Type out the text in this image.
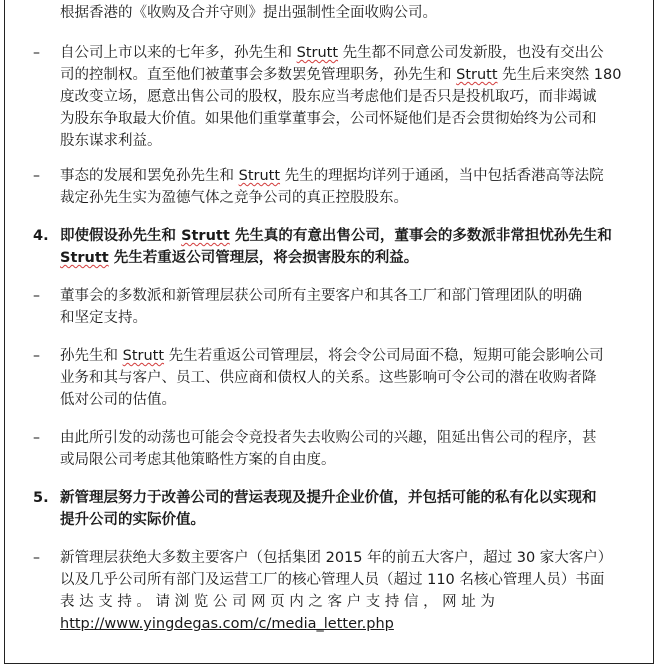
根据香港的《收购及合并守则》提出强制性全面收购公司。
– 自公司上市以来的七年多，孙先生和 Strutt 先生都不同意公司发新股，也没有交出公
司的控制权。直至他们被董事会多数罢免管理职务，孙先生和 Strutt 先生后来突然 180
度改变立场，愿意出售公司的股权，股东应当考虑他们是否只是投机取巧，而非竭诚
为股东争取最大价值。如果他们重掌董事会，公司怀疑他们是否会贯彻始终为公司和
股东谋求利益。
– 事态的发展和罢免孙先生和 Strutt 先生的理据均详列于通函，当中包括香港高等法院
裁定孙先生实为盈德气体之竞争公司的真正控股股东。
4. 即使假设孙先生和 Strutt 先生真的有意出售公司，董事会的多数派非常担忧孙先生和
Strutt 先生若重返公司管理层，将会损害股东的利益。
– 董事会的多数派和新管理层获公司所有主要客户和其各工厂和部门管理团队的明确
和坚定支持。
– 孙先生和 Strutt 先生若重返公司管理层，将会令公司局面不稳，短期可能会影响公司
业务和其与客户、员工、供应商和债权人的关系。这些影响可令公司的潜在收购者降
低对公司的估值。
– 由此所引发的动荡也可能会令竞投者失去收购公司的兴趣，阻延出售公司的程序，甚
或局限公司考虑其他策略性方案的自由度。
5. 新管理层努力于改善公司的营运表现及提升企业价值，并包括可能的私有化以实现和
提升公司的实际价值。
– 新管理层获绝大多数主要客户（包括集团 2015 年的前五大客户，超过 30 家大客户）
以及几乎公司所有部门及运营工厂的核心管理人员（超过 110 名核心管理人员）书面
表 达 支 持 。 请 浏 览 公 司 网 页 内 之 客 户 支 持 信 ， 网 址 为
http://www.yingdegas.com/c/media_letter.php
